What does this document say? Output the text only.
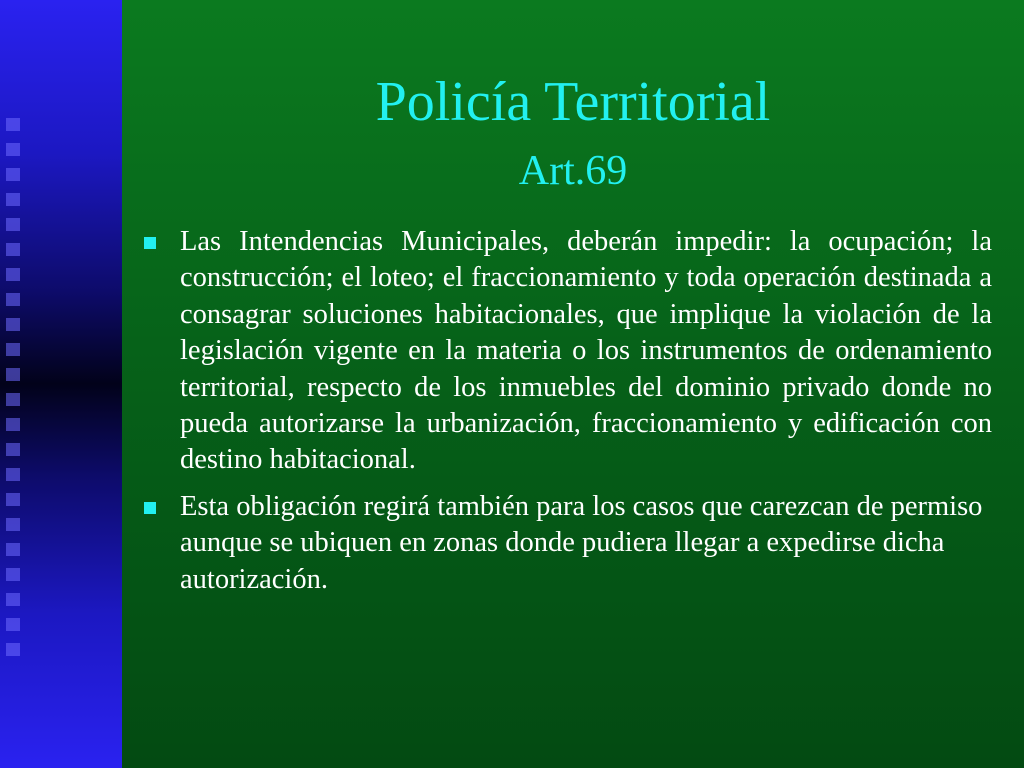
Policía Territorial
Art.69
Las Intendencias Municipales, deberán impedir: la ocupación; la construcción; el loteo; el fraccionamiento y toda operación destinada a consagrar soluciones habitacionales, que implique la violación de la legislación vigente en la materia o los instrumentos de ordenamiento territorial, respecto de los inmuebles del dominio privado donde no pueda autorizarse la urbanización, fraccionamiento y edificación con destino habitacional.
Esta obligación regirá también para los casos que carezcan de permiso aunque se ubiquen en zonas donde pudiera llegar a expedirse dicha autorización.
